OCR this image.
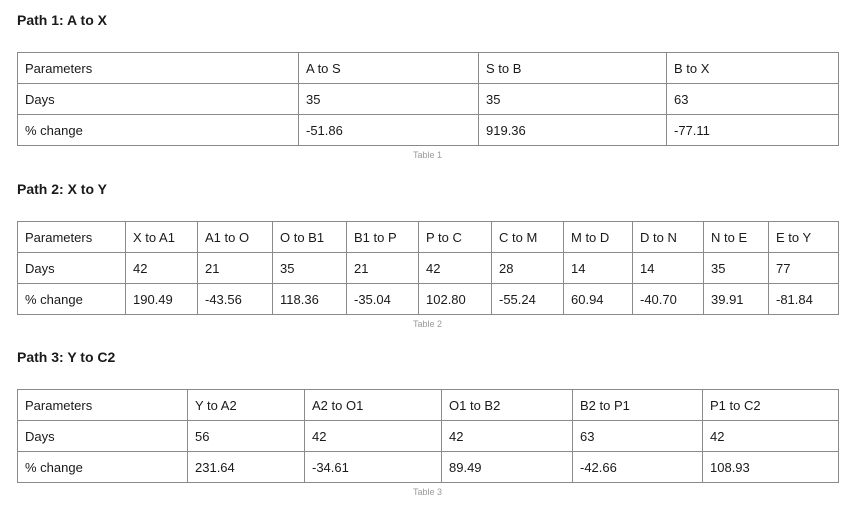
Path 1: A to X
Parameters	A to S	S to B	B to X
Days	35	35	63
% change	-51.86	919.36	-77.11
Table 1
Path 2: X to Y
Parameters	X to A1	A1 to O	O to B1	B1 to P	P to C	C to M	M to D	D to N	N to E	E to Y
Days	42	21	35	21	42	28	14	14	35	77
% change	190.49	-43.56	118.36	-35.04	102.80	-55.24	60.94	-40.70	39.91	-81.84
Table 2
Path 3: Y to C2
Parameters	Y to A2	A2 to O1	O1 to B2	B2 to P1	P1 to C2
Days	56	42	42	63	42
% change	231.64	-34.61	89.49	-42.66	108.93
Table 3
